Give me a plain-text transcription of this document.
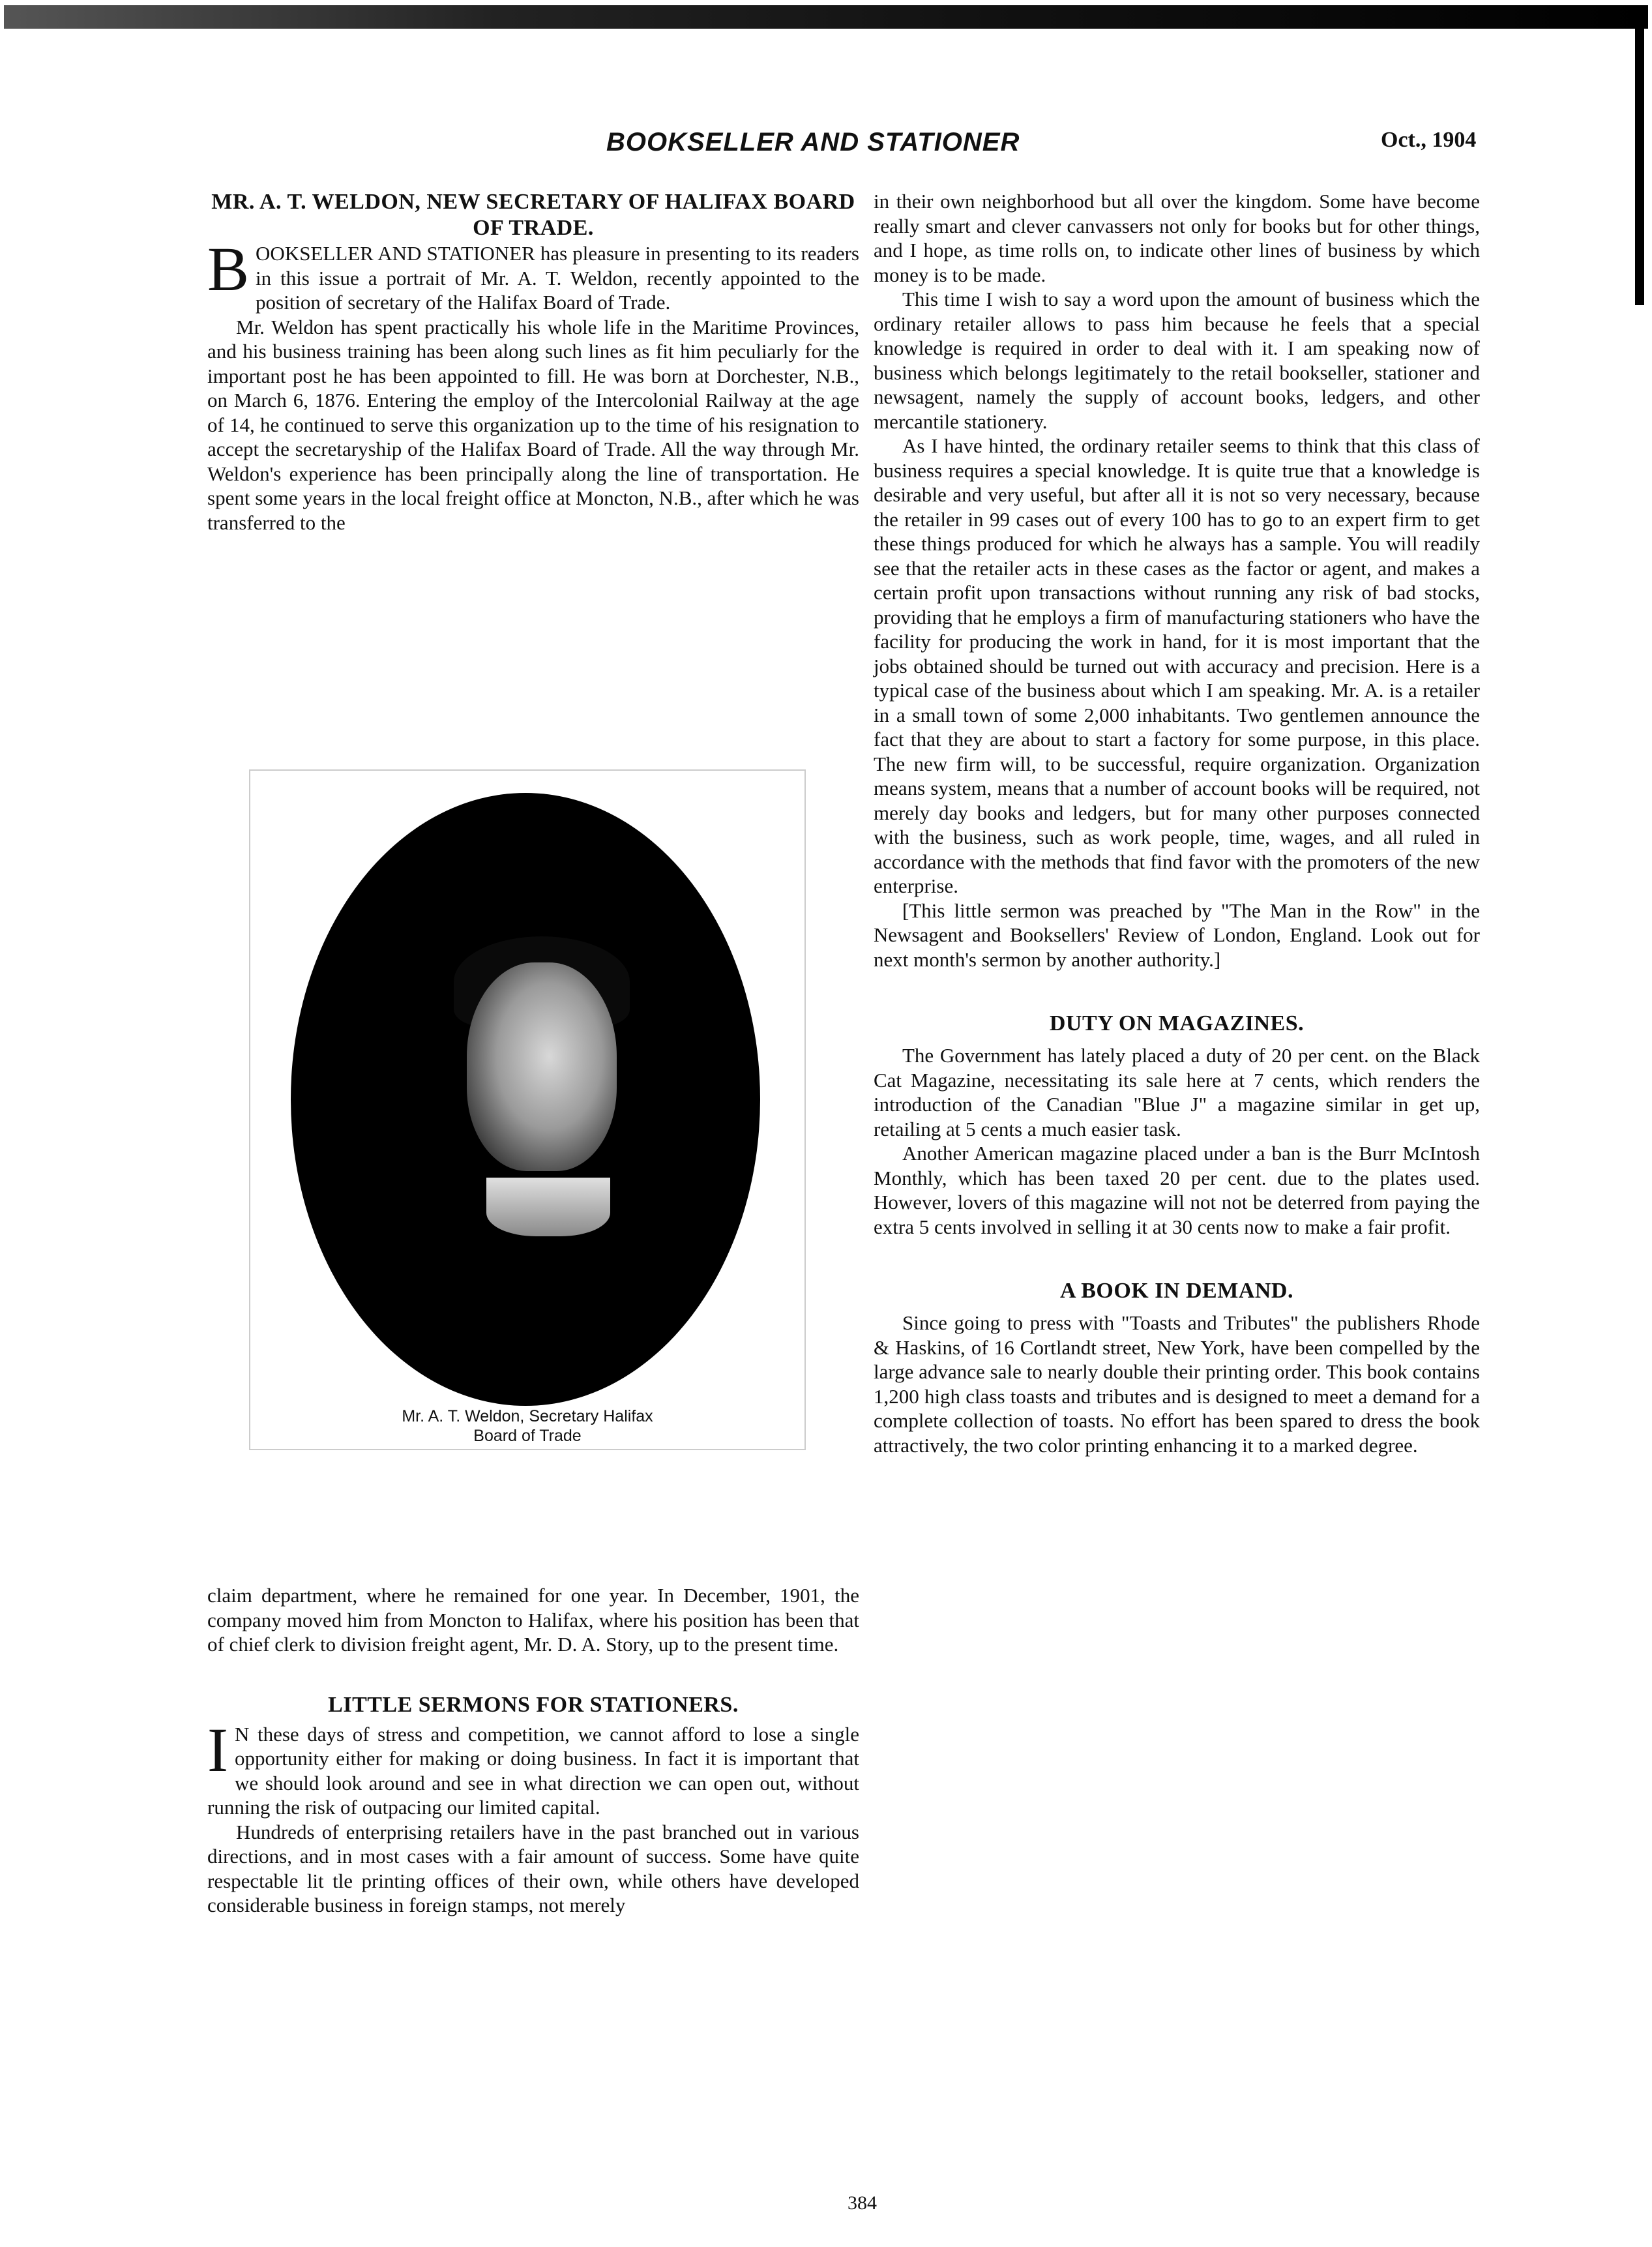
BOOKSELLER AND STATIONER	Oct., 1904
MR. A. T. WELDON, NEW SECRETARY OF HALIFAX BOARD OF TRADE.

BOOKSELLER AND STATIONER has pleasure in presenting to its readers in this issue a portrait of Mr. A. T. Weldon, recently appointed to the position of secretary of the Halifax Board of Trade.

Mr. Weldon has spent practically his whole life in the Maritime Provinces, and his business training has been along such lines as fit him peculiarly for the important post he has been appointed to fill. He was born at Dorchester, N.B., on March 6, 1876. Entering the employ of the Intercolonial Railway at the age of 14, he continued to serve this organization up to the time of his resignation to accept the secretaryship of the Halifax Board of Trade. All the way through Mr. Weldon's experience has been principally along the line of transportation. He spent some years in the local freight office at Moncton, N.B., after which he was transferred to the

Mr. A. T. Weldon, Secretary Halifax
Board of Trade

claim department, where he remained for one year. In December, 1901, the company moved him from Moncton to Halifax, where his position has been that of chief clerk to division freight agent, Mr. D. A. Story, up to the present time.

LITTLE SERMONS FOR STATIONERS.

I N these days of stress and competition, we cannot afford to lose a single opportunity either for making or doing business. In fact it is important that we should look around and see in what direction we can open out, without running the risk of outpacing our limited capital.

Hundreds of enterprising retailers have in the past branched out in various directions, and in most cases with a fair amount of success. Some have quite respectable lit tle printing offices of their own, while others have developed considerable business in foreign stamps, not merely

in their own neighborhood but all over the kingdom. Some have become really smart and clever canvassers not only for books but for other things, and I hope, as time rolls on, to indicate other lines of business by which money is to be made.

This time I wish to say a word upon the amount of business which the ordinary retailer allows to pass him because he feels that a special knowledge is required in order to deal with it. I am speaking now of business which belongs legitimately to the retail bookseller, stationer and newsagent, namely the supply of account books, ledgers, and other mercantile stationery.

As I have hinted, the ordinary retailer seems to think that this class of business requires a special knowledge. It is quite true that a knowledge is desirable and very useful, but after all it is not so very necessary, because the retailer in 99 cases out of every 100 has to go to an expert firm to get these things produced for which he always has a sample. You will readily see that the retailer acts in these cases as the factor or agent, and makes a certain profit upon transactions without running any risk of bad stocks, providing that he employs a firm of manufacturing stationers who have the facility for producing the work in hand, for it is most important that the jobs obtained should be turned out with accuracy and precision. Here is a typical case of the business about which I am speaking. Mr. A. is a retailer in a small town of some 2,000 inhabitants. Two gentlemen announce the fact that they are about to start a factory for some purpose, in this place. The new firm will, to be successful, require organization. Organization means system, means that a number of account books will be required, not merely day books and ledgers, but for many other purposes connected with the business, such as work people, time, wages, and all ruled in accordance with the methods that find favor with the promoters of the new enterprise.

[This little sermon was preached by "The Man in the Row" in the Newsagent and Booksellers' Review of London, England. Look out for next month's sermon by another authority.]

DUTY ON MAGAZINES.

The Government has lately placed a duty of 20 per cent. on the Black Cat Magazine, necessitating its sale here at 7 cents, which renders the introduction of the Canadian "Blue J" a magazine similar in get up, retailing at 5 cents a much easier task.

Another American magazine placed under a ban is the Burr McIntosh Monthly, which has been taxed 20 per cent. due to the plates used. However, lovers of this magazine will not not be deterred from paying the extra 5 cents involved in selling it at 30 cents now to make a fair profit.

A BOOK IN DEMAND.

Since going to press with "Toasts and Tributes" the publishers Rhode & Haskins, of 16 Cortlandt street, New York, have been compelled by the large advance sale to nearly double their printing order. This book contains 1,200 high class toasts and tributes and is designed to meet a demand for a complete collection of toasts. No effort has been spared to dress the book attractively, the two color printing enhancing it to a marked degree.

384
